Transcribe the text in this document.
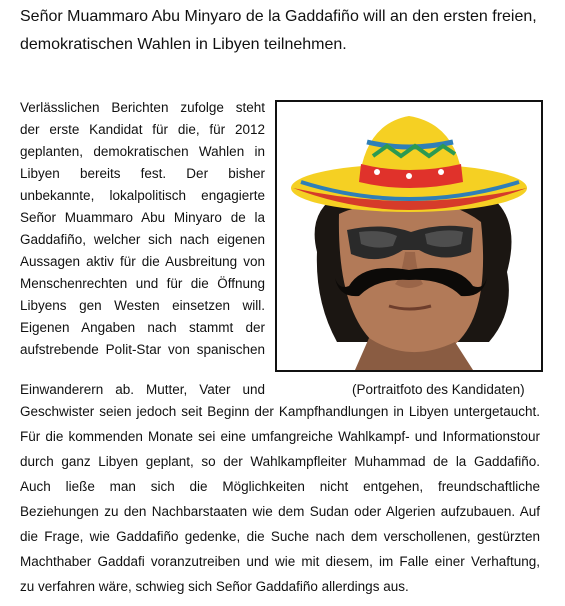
Señor Muammaro Abu Minyaro de la Gaddafiño will an den ersten freien,
demokratischen Wahlen in Libyen teilnehmen.
Verlässlichen Berichten zufolge steht
der erste Kandidat für die, für 2012
geplanten, demokratischen Wahlen in
Libyen bereits fest. Der bisher
unbekannte, lokalpolitisch engagierte
Señor Muammaro Abu Minyaro de la
Gaddafiño, welcher sich nach eigenen
Aussagen aktiv für die Ausbreitung von
Menschenrechten und für die Öffnung
Libyens gen Westen einsetzen will.
Eigenen Angaben nach stammt der
aufstrebende Polit-Star von spanischen
Einwanderern ab. Mutter, Vater und
Geschwister seien jedoch seit Beginn der Kampfhandlungen in Libyen untergetaucht.
Für die kommenden Monate sei eine umfangreiche Wahlkampf- und Informationstour
durch ganz Libyen geplant, so der Wahlkampfleiter Muhammad de la Gaddafiño.
Auch ließe man sich die Möglichkeiten nicht entgehen, freundschaftliche
Beziehungen zu den Nachbarstaaten wie dem Sudan oder Algerien aufzubauen. Auf
die Frage, wie Gaddafiño gedenke, die Suche nach dem verschollenen, gestürzten
Machthaber Gaddafi voranzutreiben und wie mit diesem, im Falle einer Verhaftung,
zu verfahren wäre, schwieg sich Señor Gaddafiño allerdings aus.
(Portraitfoto des Kandidaten)
